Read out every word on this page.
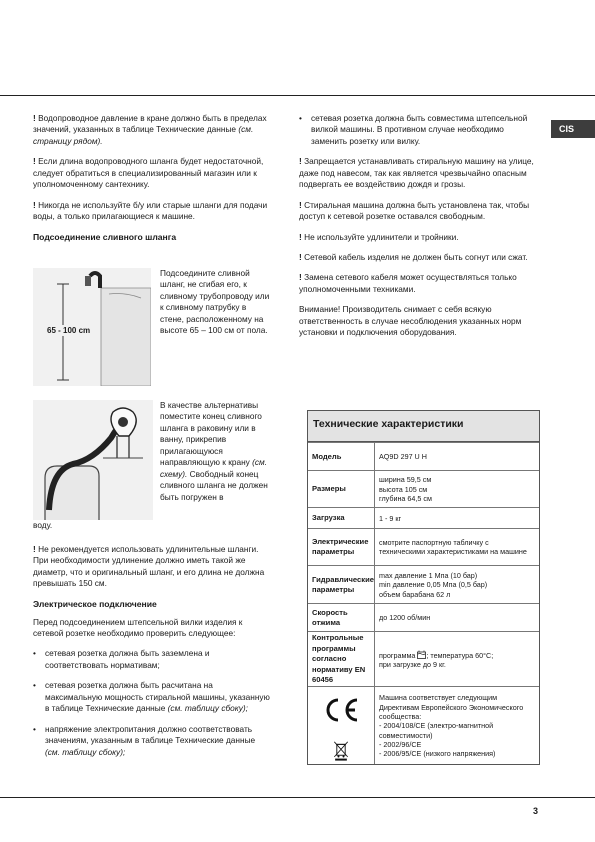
CIS

! Водопроводное давление в кране должно быть в пределах значений, указанных в таблице Технические данные (см. страницу рядом).

! Если длина водопроводного шланга будет недостаточной, следует обратиться в специализированный магазин или к уполномоченному сантехнику.

! Никогда не используйте б/у или старые шланги для подачи воды, а только прилагающиеся к машине.

Подсоединение сливного шланга
65 - 100 cm
Подсоедините сливной шланг, не сгибая его, к сливному трубопроводу или к сливному патрубку в стене, расположенному на высоте 65 – 100 см от пола.
В качестве альтернативы поместите конец сливного шланга в раковину или в ванну, прикрепив прилагающуюся направляющую к крану (см. схему). Свободный конец сливного шланга не должен быть погружен в
воду.

! Не рекомендуется использовать удлинительные шланги. При необходимости удлинение должно иметь такой же диаметр, что и оригинальный шланг, и его длина не должна превышать 150 см.

Электрическое подключение

Перед подсоединением штепсельной вилки изделия к сетевой розетке необходимо проверить следующее:

• сетевая розетка должна быть заземлена и соответствовать нормативам;
• сетевая розетка должна быть расчитана на максимальную мощность стиральной машины, указанную в таблице Технические данные (см. таблицу сбоку);
• напряжение электропитания должно соответствовать значениям, указанным в таблице Технические данные (см. таблицу сбоку);
• сетевая розетка должна быть совместима штепсельной вилкой машины. В противном случае необходимо заменить розетку или вилку.

! Запрещается устанавливать стиральную машину на улице, даже под навесом, так как является чрезвычайно опасным подвергать ее воздействию дождя и грозы.

! Стиральная машина должна быть установлена так, чтобы доступ к сетевой розетке оставался свободным.

! Не используйте удлинители и тройники.

! Сетевой кабель изделия не должен быть согнут или сжат.

! Замена сетевого кабеля может осуществляться только уполномоченными техниками.

Внимание! Производитель снимает с себя всякую ответственность в случае несоблюдения указанных норм установки и подключения оборудования.

Технические характеристики
Модель	AQ9D 297 U H
Размеры
ширина 59,5 см
высота 105 см
глубина 64,5 см
Загрузка	1 - 9 кг
Электрические параметры
смотрите паспортную табличку с техническими характеристиками на машине
Гидравлические параметры
max давление 1 Мпа (10 бар)
min давление 0,05 Мпа (0,5 бар)
объем барабана 62 л
Скорость отжима
до 1200 об/мин
Контрольные программы согласно нормативу EN 60456
программа ; температура 60°C;
при загрузке до 9 кг.
Машина соответствует следующим Директивам Европейского Экономического сообщества:
- 2004/108/CE (электро-магнитной совместимости)
- 2002/96/CE
- 2006/95/CE (низкого напряжения)
3
